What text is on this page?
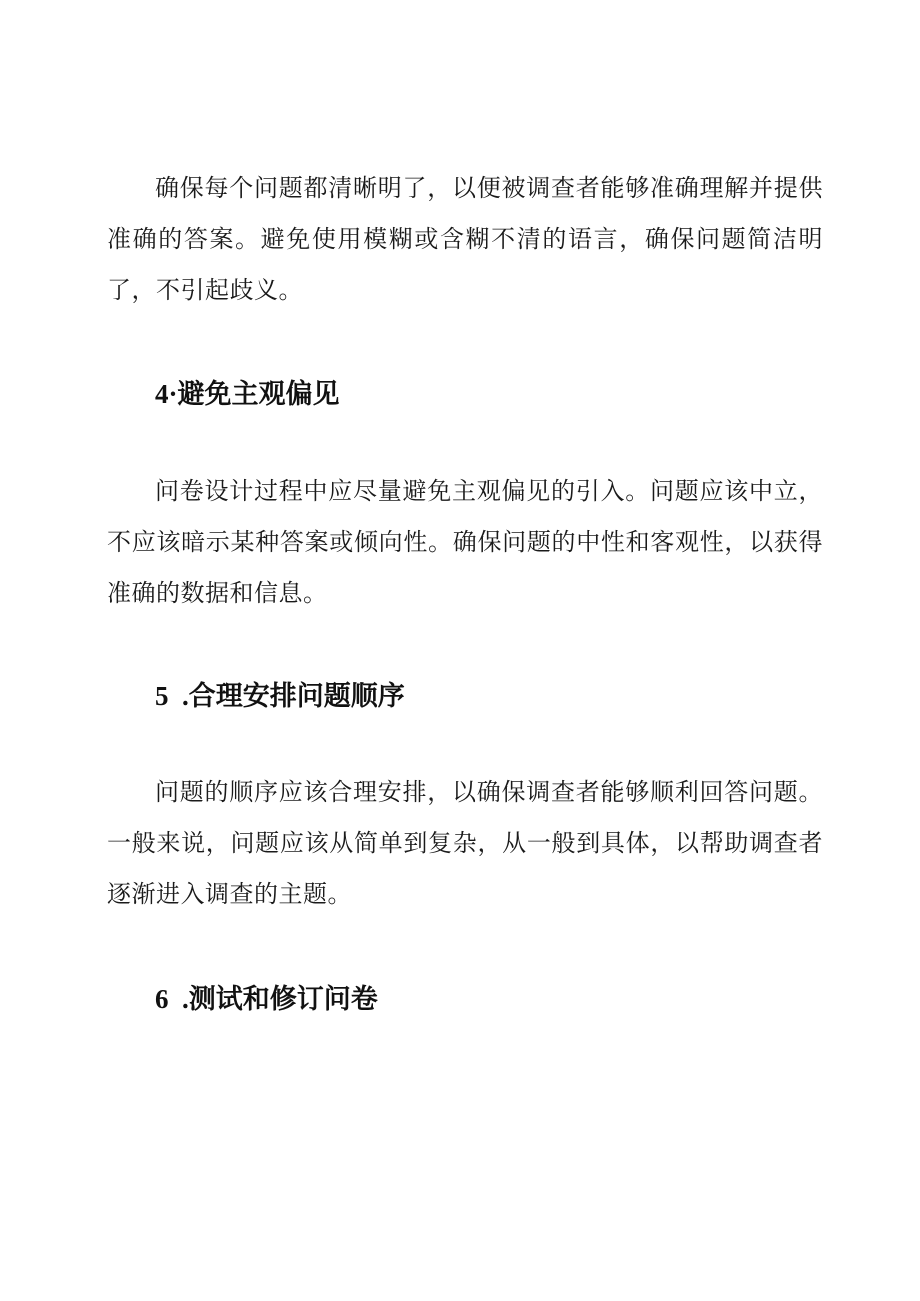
确保每个问题都清晰明了，以便被调查者能够准确理解并提供准确的答案。避免使用模糊或含糊不清的语言，确保问题简洁明了，不引起歧义。

4·避免主观偏见

问卷设计过程中应尽量避免主观偏见的引入。问题应该中立，不应该暗示某种答案或倾向性。确保问题的中性和客观性，以获得准确的数据和信息。

5  .合理安排问题顺序

问题的顺序应该合理安排，以确保调查者能够顺利回答问题。一般来说，问题应该从简单到复杂，从一般到具体，以帮助调查者逐渐进入调查的主题。

6  .测试和修订问卷
